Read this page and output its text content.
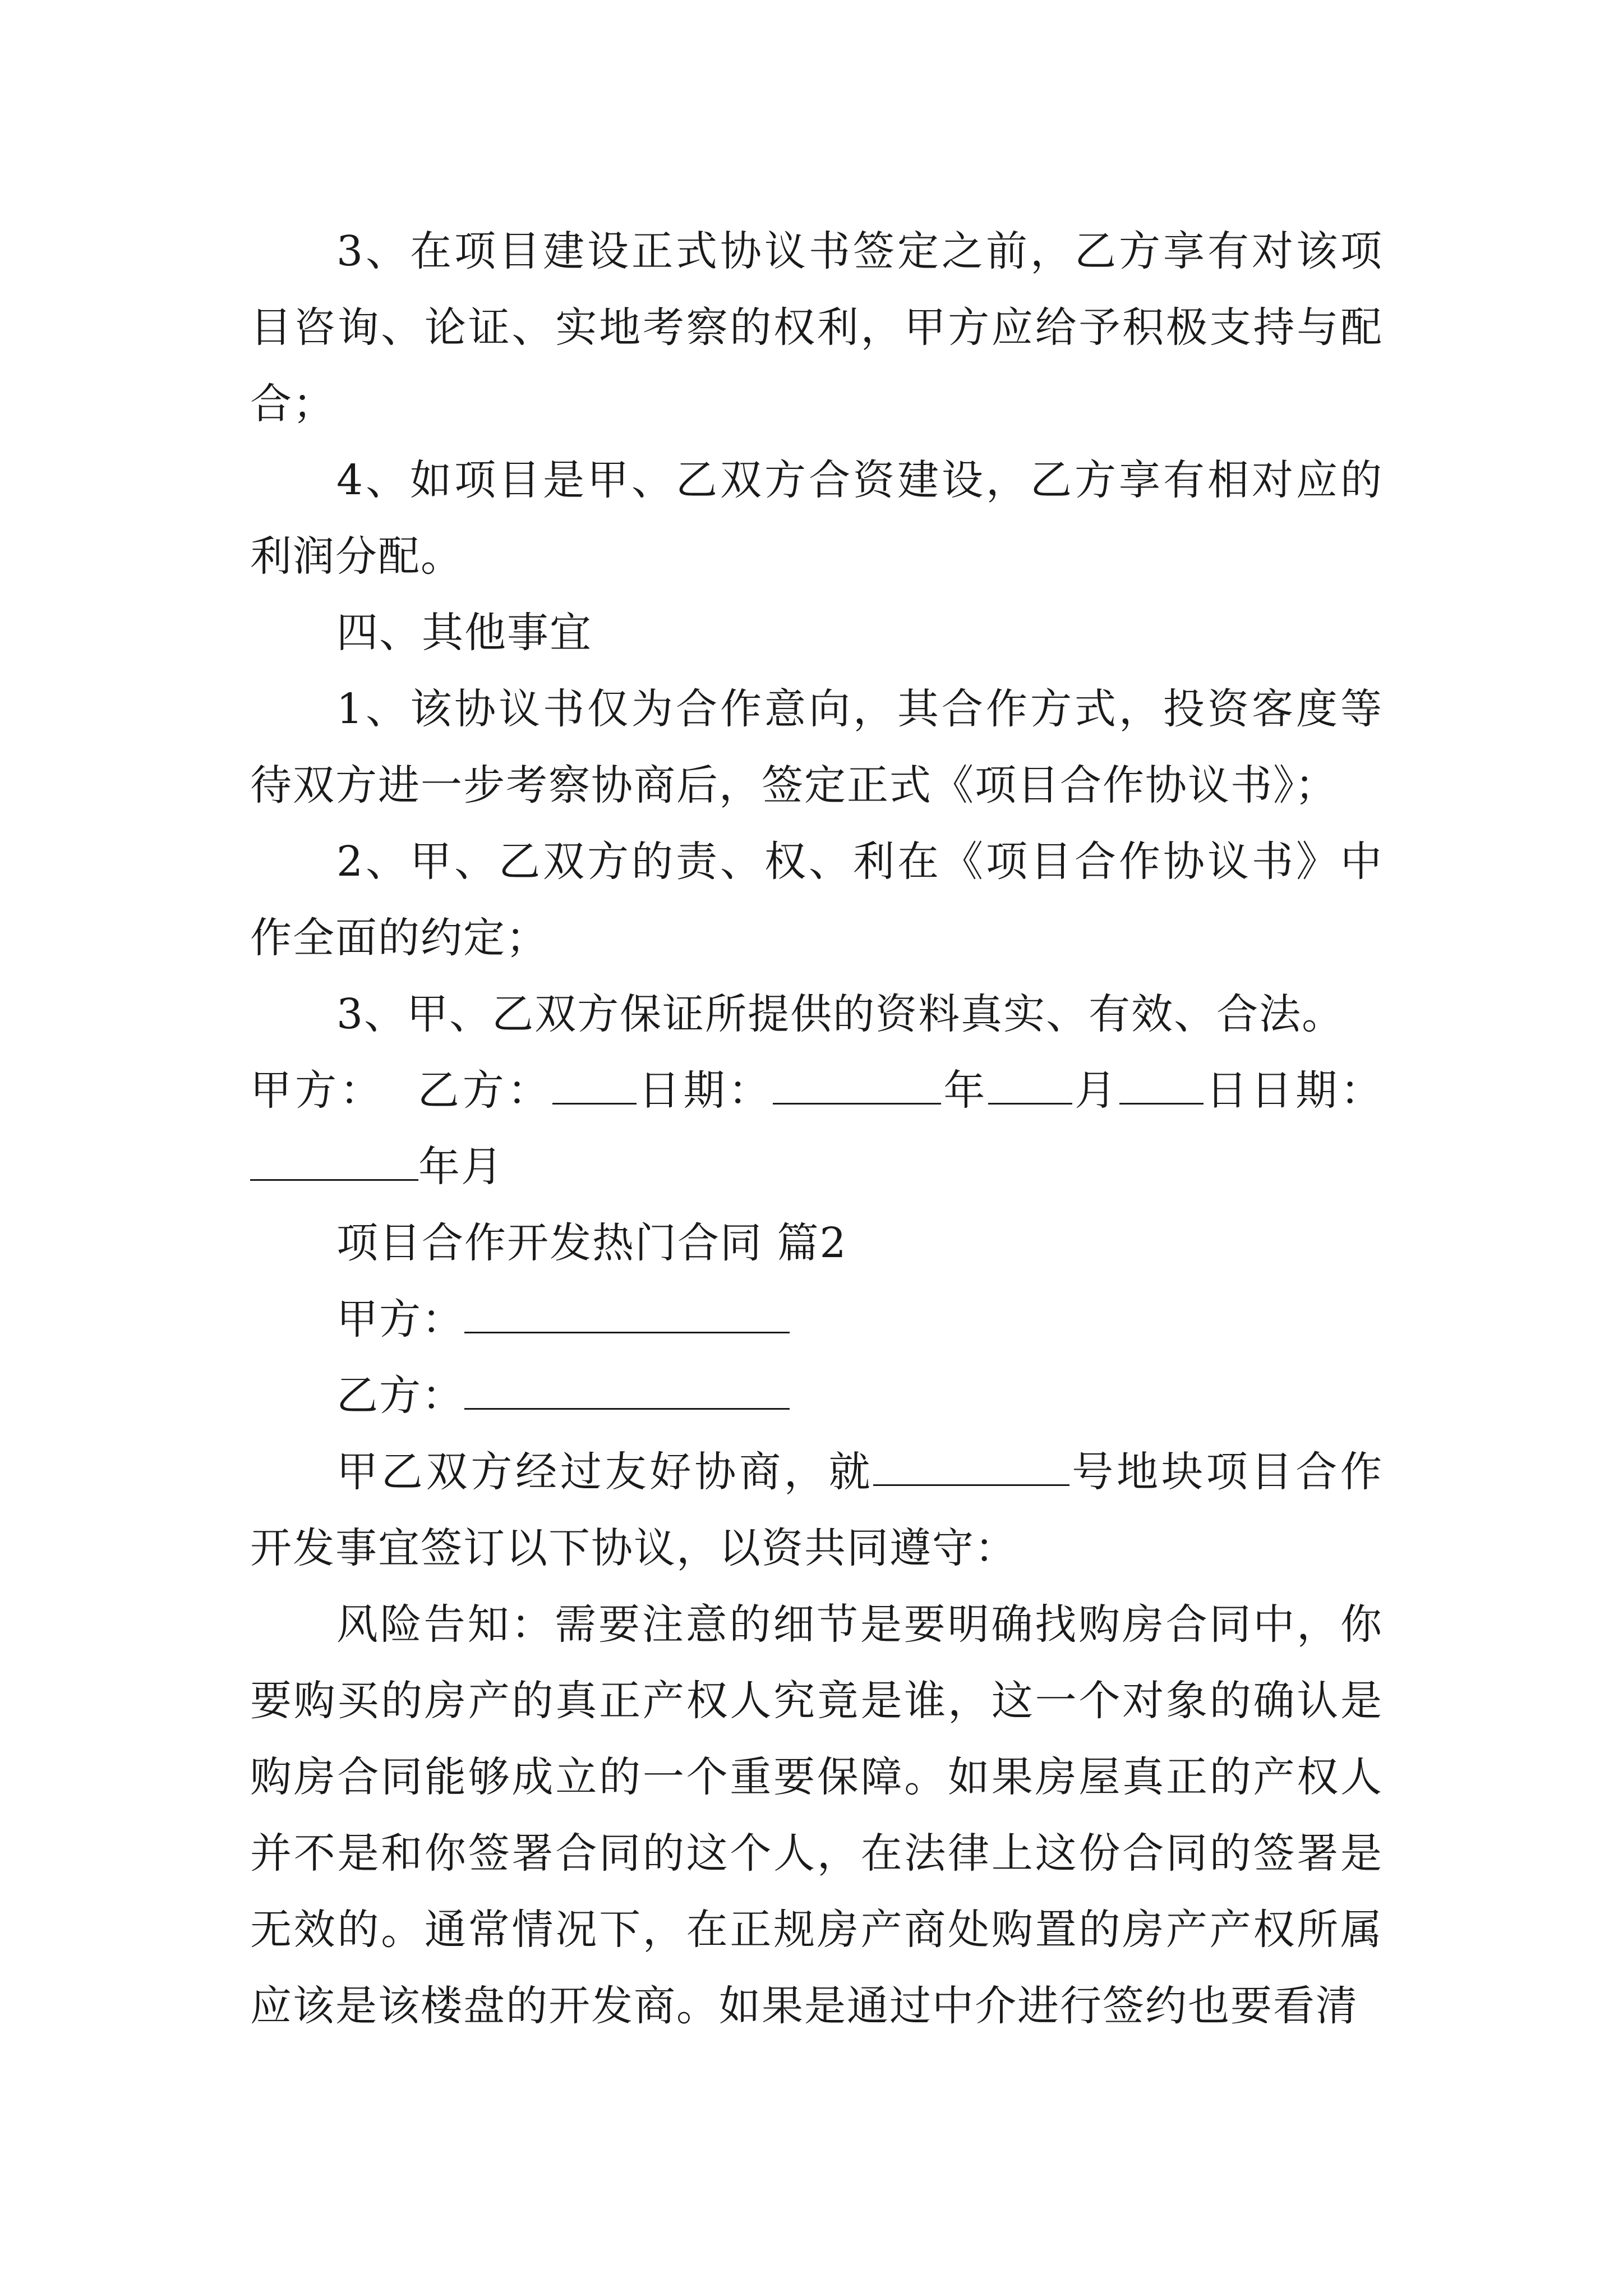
3、在项目建设正式协议书签定之前，乙方享有对该项目咨询、论证、实地考察的权利，甲方应给予积极支持与配合；

4、如项目是甲、乙双方合资建设，乙方享有相对应的利润分配。

四、其他事宜

1、该协议书仅为合作意向，其合作方式，投资客度等待双方进一步考察协商后，签定正式《项目合作协议书》；

2、甲、乙双方的责、权、利在《项目合作协议书》中作全面的约定；

3、甲、乙双方保证所提供的资料真实、有效、合法。

甲方： 乙方： 日期：	年 月 日日期：年月

项目合作开发热门合同 篇2

甲方：

乙方：

甲乙双方经过友好协商，就	号地块项目合作开发事宜签订以下协议，以资共同遵守：

风险告知：需要注意的细节是要明确找购房合同中，你要购买的房产的真正产权人究竟是谁，这一个对象的确认是购房合同能够成立的一个重要保障。如果房屋真正的产权人并不是和你签署合同的这个人，在法律上这份合同的签署是无效的。通常情况下，在正规房产商处购置的房产产权所属应该是该楼盘的开发商。如果是通过中介进行签约也要看清
